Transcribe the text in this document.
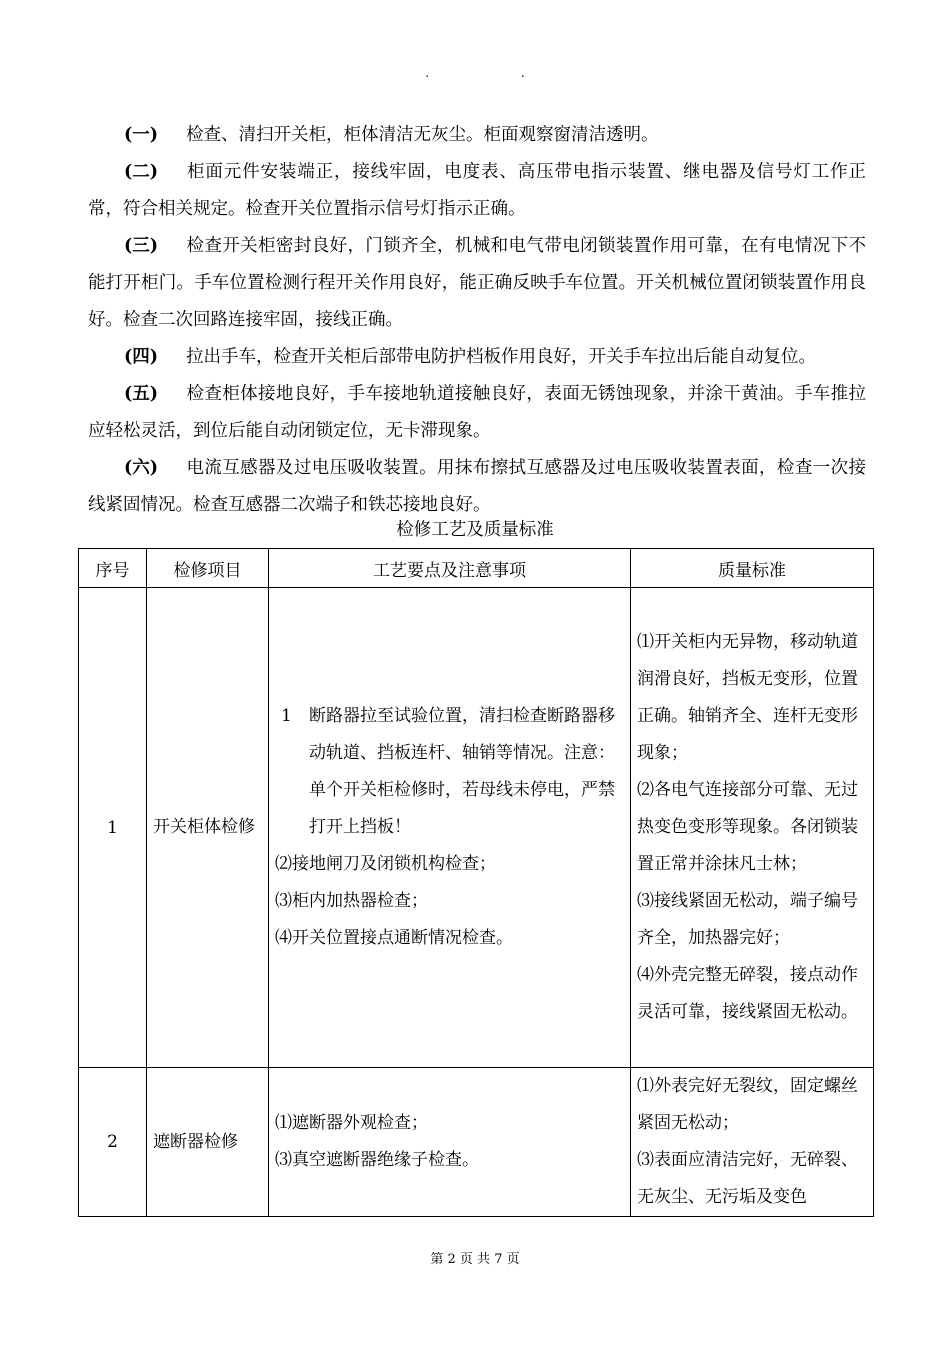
.	.

(一) 检查、清扫开关柜，柜体清洁无灰尘。柜面观察窗清洁透明。

(二) 柜面元件安装端正，接线牢固，电度表、高压带电指示装置、继电器及信号灯工作正常，符合相关规定。检查开关位置指示信号灯指示正确。

(三) 检查开关柜密封良好，门锁齐全，机械和电气带电闭锁装置作用可靠，在有电情况下不能打开柜门。手车位置检测行程开关作用良好，能正确反映手车位置。开关机械位置闭锁装置作用良好。检查二次回路连接牢固，接线正确。

(四) 拉出手车，检查开关柜后部带电防护档板作用良好，开关手车拉出后能自动复位。

(五) 检查柜体接地良好，手车接地轨道接触良好，表面无锈蚀现象，并涂干黄油。手车推拉应轻松灵活，到位后能自动闭锁定位，无卡滞现象。

(六) 电流互感器及过电压吸收装置。用抹布擦拭互感器及过电压吸收装置表面，检查一次接线紧固情况。检查互感器二次端子和铁芯接地良好。

检修工艺及质量标准
序号	检修项目	工艺要点及注意事项	质量标准
1	开关柜体检修	1 断路器拉至试验位置，清扫检查断路器移动轨道、挡板连杆、轴销等情况。注意：单个开关柜检修时，若母线未停电，严禁打开上挡板！
⑵接地闸刀及闭锁机构检查；
⑶柜内加热器检查；
⑷开关位置接点通断情况检查。	⑴开关柜内无异物，移动轨道润滑良好，挡板无变形，位置正确。轴销齐全、连杆无变形现象；
⑵各电气连接部分可靠、无过热变色变形等现象。各闭锁装置正常并涂抹凡士林；
⑶接线紧固无松动，端子编号齐全，加热器完好；
⑷外壳完整无碎裂，接点动作灵活可靠，接线紧固无松动。

2	遮断器检修	⑴遮断器外观检查；
⑶真空遮断器绝缘子检查。	⑴外表完好无裂纹，固定螺丝紧固无松动；
⑶表面应清洁完好，无碎裂、无灰尘、无污垢及变色
第 2 页 共 7 页
